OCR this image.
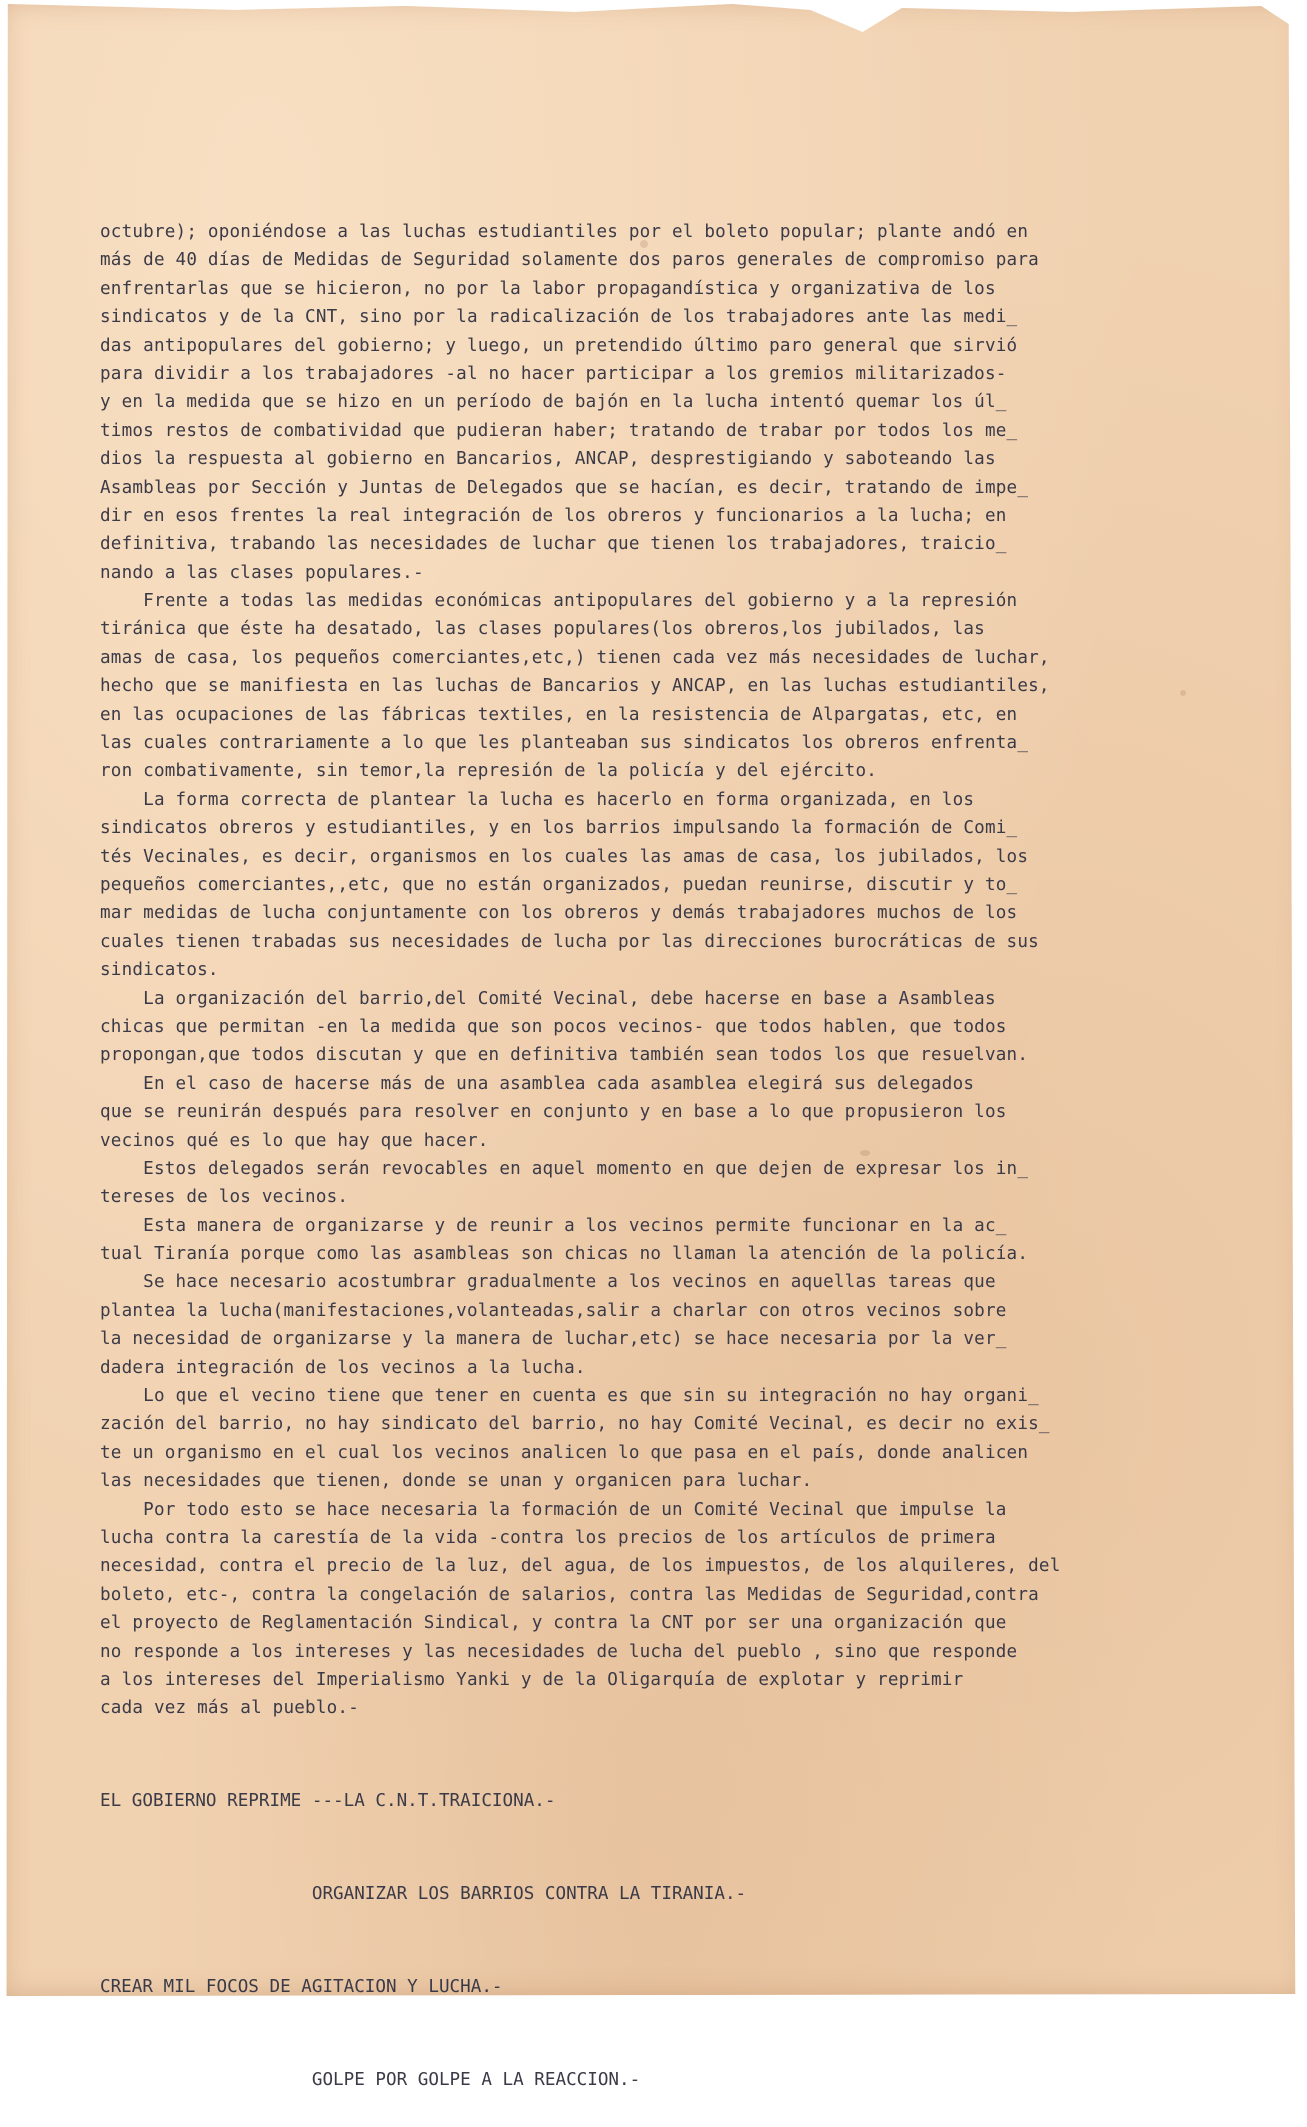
octubre); oponiéndose a las luchas estudiantiles por el boleto popular; plante andó en
más de 40 días de Medidas de Seguridad solamente dos paros generales de compromiso para
enfrentarlas que se hicieron, no por la labor propagandística y organizativa de los
sindicatos y de la CNT, sino por la radicalización de los trabajadores ante las medi_
das antipopulares del gobierno; y luego, un pretendido último paro general que sirvió
para dividir a los trabajadores -al no hacer participar a los gremios militarizados-
y en la medida que se hizo en un período de bajón en la lucha intentó quemar los úl_
timos restos de combatividad que pudieran haber; tratando de trabar por todos los me_
dios la respuesta al gobierno en Bancarios, ANCAP, desprestigiando y saboteando las
Asambleas por Sección y Juntas de Delegados que se hacían, es decir, tratando de impe_
dir en esos frentes la real integración de los obreros y funcionarios a la lucha; en
definitiva, trabando las necesidades de luchar que tienen los trabajadores, traicio_
nando a las clases populares.-
Frente a todas las medidas económicas antipopulares del gobierno y a la represión
tiránica que éste ha desatado, las clases populares(los obreros,los jubilados, las
amas de casa, los pequeños comerciantes,etc,) tienen cada vez más necesidades de luchar,
hecho que se manifiesta en las luchas de Bancarios y ANCAP, en las luchas estudiantiles,
en las ocupaciones de las fábricas textiles, en la resistencia de Alpargatas, etc, en
las cuales contrariamente a lo que les planteaban sus sindicatos los obreros enfrenta_
ron combativamente, sin temor,la represión de la policía y del ejército.
La forma correcta de plantear la lucha es hacerlo en forma organizada, en los
sindicatos obreros y estudiantiles, y en los barrios impulsando la formación de Comi_
tés Vecinales, es decir, organismos en los cuales las amas de casa, los jubilados, los
pequeños comerciantes,,etc, que no están organizados, puedan reunirse, discutir y to_
mar medidas de lucha conjuntamente con los obreros y demás trabajadores muchos de los
cuales tienen trabadas sus necesidades de lucha por las direcciones burocráticas de sus
sindicatos.
La organización del barrio,del Comité Vecinal, debe hacerse en base a Asambleas
chicas que permitan -en la medida que son pocos vecinos- que todos hablen, que todos
propongan,que todos discutan y que en definitiva también sean todos los que resuelvan.
En el caso de hacerse más de una asamblea cada asamblea elegirá sus delegados
que se reunirán después para resolver en conjunto y en base a lo que propusieron los
vecinos qué es lo que hay que hacer.
Estos delegados serán revocables en aquel momento en que dejen de expresar los in_
tereses de los vecinos.
Esta manera de organizarse y de reunir a los vecinos permite funcionar en la ac_
tual Tiranía porque como las asambleas son chicas no llaman la atención de la policía.
Se hace necesario acostumbrar gradualmente a los vecinos en aquellas tareas que
plantea la lucha(manifestaciones,volanteadas,salir a charlar con otros vecinos sobre
la necesidad de organizarse y la manera de luchar,etc) se hace necesaria por la ver_
dadera integración de los vecinos a la lucha.
Lo que el vecino tiene que tener en cuenta es que sin su integración no hay organi_
zación del barrio, no hay sindicato del barrio, no hay Comité Vecinal, es decir no exis_
te un organismo en el cual los vecinos analicen lo que pasa en el país, donde analicen
las necesidades que tienen, donde se unan y organicen para luchar.
Por todo esto se hace necesaria la formación de un Comité Vecinal que impulse la
lucha contra la carestía de la vida -contra los precios de los artículos de primera
necesidad, contra el precio de la luz, del agua, de los impuestos, de los alquileres, del
boleto, etc-, contra la congelación de salarios, contra las Medidas de Seguridad,contra
el proyecto de Reglamentación Sindical, y contra la CNT por ser una organización que
no responde a los intereses y las necesidades de lucha del pueblo , sino que responde
a los intereses del Imperialismo Yanki y de la Oligarquía de explotar y reprimir
cada vez más al pueblo.-

EL GOBIERNO REPRIME ---LA C.N.T.TRAICIONA.-

ORGANIZAR LOS BARRIOS CONTRA LA TIRANIA.-

CREAR MIL FOCOS DE AGITACION Y LUCHA.-

GOLPE POR GOLPE A LA REACCION.-
